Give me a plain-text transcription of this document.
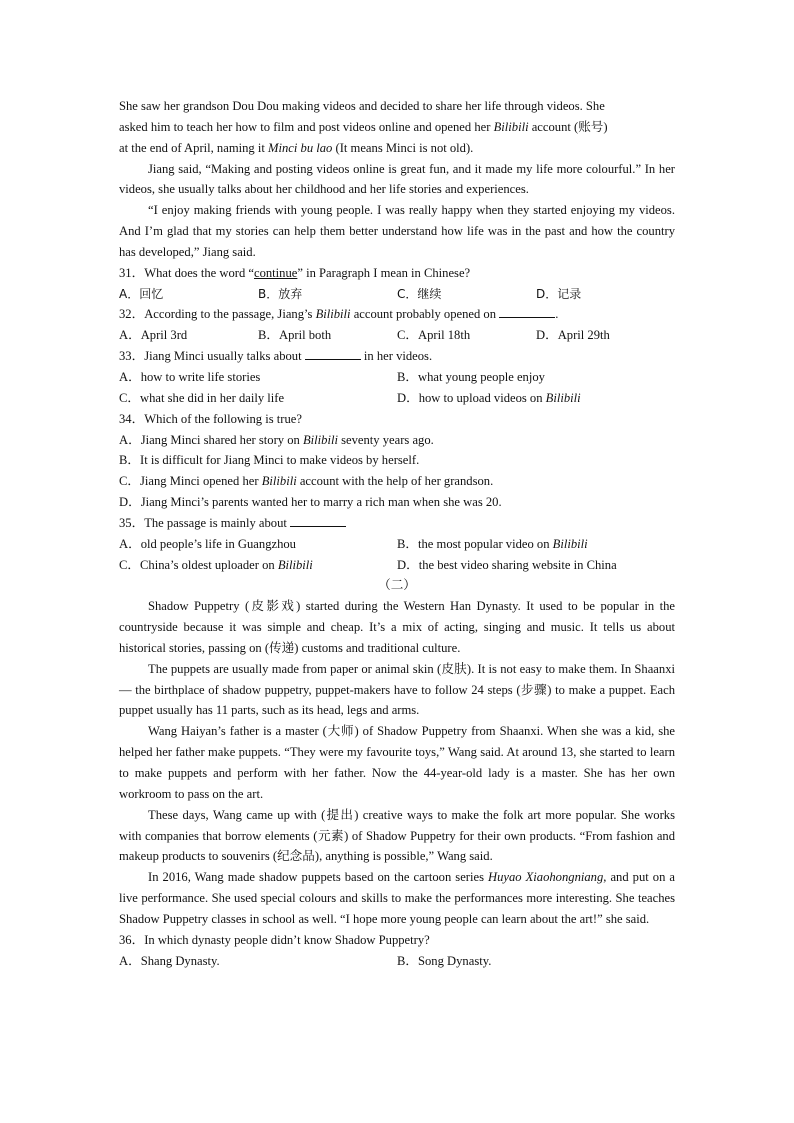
She saw her grandson Dou Dou making videos and decided to share her life through videos. She
asked him to teach her how to film and post videos online and opened her Bilibili account (账号)
at the end of April, naming it Minci bu lao (It means Minci is not old).

Jiang said, “Making and posting videos online is great fun, and it made my life more colourful.” In her videos, she usually talks about her childhood and her life stories and experiences.

“I enjoy making friends with young people. I was really happy when they started enjoying my videos. And I’m glad that my stories can help them better understand how life was in the past and how the country has developed,” Jiang said.

31．What does the word “continue” in Paragraph I mean in Chinese?

A．回忆	B．放弃	C．继续	D．记录

32．According to the passage, Jiang’s Bilibili account probably opened on	.

A．April 3rd	B．April both	C．April 18th	D．April 29th

33．Jiang Minci usually talks about	in her videos.

A．how to write life stories	B．what young people enjoy
C．what she did in her daily life	D．how to upload videos on Bilibili

34．Which of the following is true?

A．Jiang Minci shared her story on Bilibili seventy years ago.

B．It is difficult for Jiang Minci to make videos by herself.

C．Jiang Minci opened her Bilibili account with the help of her grandson.

D．Jiang Minci’s parents wanted her to marry a rich man when she was 20.

35．The passage is mainly about

A．old people’s life in Guangzhou	B．the most popular video on Bilibili
C．China’s oldest uploader on Bilibili	D．the best video sharing website in China

（二）

Shadow Puppetry (皮影戏) started during the Western Han Dynasty. It used to be popular in the countryside because it was simple and cheap. It’s a mix of acting, singing and music. It tells us about historical stories, passing on (传递) customs and traditional culture.

The puppets are usually made from paper or animal skin (皮肤). It is not easy to make them. In Shaanxi — the birthplace of shadow puppetry, puppet-makers have to follow 24 steps (步骤) to make a puppet. Each puppet usually has 11 parts, such as its head, legs and arms.

Wang Haiyan’s father is a master (大师) of Shadow Puppetry from Shaanxi. When she was a kid, she helped her father make puppets. “They were my favourite toys,” Wang said. At around 13, she started to learn to make puppets and perform with her father. Now the 44-year-old lady is a master. She has her own workroom to pass on the art.

These days, Wang came up with (提出) creative ways to make the folk art more popular. She works with companies that borrow elements (元素) of Shadow Puppetry for their own products. “From fashion and makeup products to souvenirs (纪念品), anything is possible,” Wang said.

In 2016, Wang made shadow puppets based on the cartoon series Huyao Xiaohongniang, and put on a live performance. She used special colours and skills to make the performances more interesting. She teaches Shadow Puppetry classes in school as well. “I hope more young people can learn about the art!” she said.

36．In which dynasty people didn’t know Shadow Puppetry?

A．Shang Dynasty.	B．Song Dynasty.
